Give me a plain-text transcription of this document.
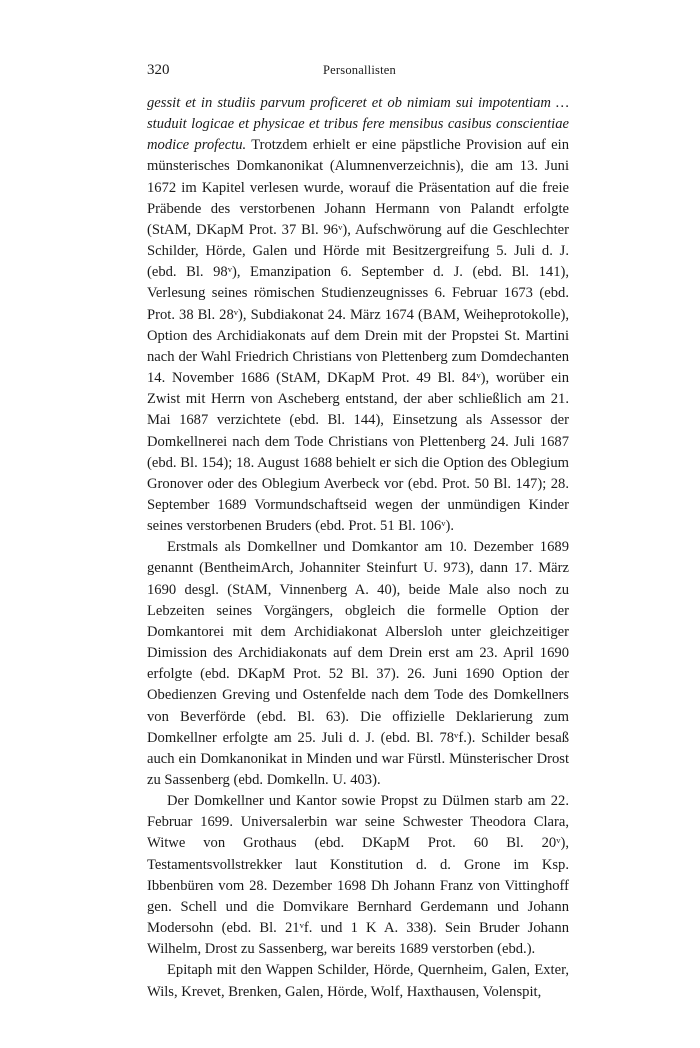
320	Personallisten

gessit et in studiis parvum proficeret et ob nimiam sui impotentiam … studuit logicae et physicae et tribus fere mensibus casibus conscientiae modice profectu. Trotzdem erhielt er eine päpstliche Provision auf ein münsterisches Domkanonikat (Alumnenverzeichnis), die am 13. Juni 1672 im Kapitel verlesen wurde, worauf die Präsentation auf die freie Präbende des verstorbenen Johann Hermann von Palandt erfolgte (StAM, DKapM Prot. 37 Bl. 96ᵛ), Aufschwörung auf die Geschlechter Schilder, Hörde, Galen und Hörde mit Besitzergreifung 5. Juli d. J. (ebd. Bl. 98ᵛ), Emanzipation 6. September d. J. (ebd. Bl. 141), Verlesung seines römischen Studienzeugnisses 6. Februar 1673 (ebd. Prot. 38 Bl. 28ᵛ), Subdiakonat 24. März 1674 (BAM, Weiheprotokolle), Option des Archidiakonats auf dem Drein mit der Propstei St. Martini nach der Wahl Friedrich Christians von Plettenberg zum Domdechanten 14. November 1686 (StAM, DKapM Prot. 49 Bl. 84ᵛ), worüber ein Zwist mit Herrn von Ascheberg entstand, der aber schließlich am 21. Mai 1687 verzichtete (ebd. Bl. 144), Einsetzung als Assessor der Domkellnerei nach dem Tode Christians von Plettenberg 24. Juli 1687 (ebd. Bl. 154); 18. August 1688 behielt er sich die Option des Oblegium Gronover oder des Oblegium Averbeck vor (ebd. Prot. 50 Bl. 147); 28. September 1689 Vormundschaftseid wegen der unmündigen Kinder seines verstorbenen Bruders (ebd. Prot. 51 Bl. 106ᵛ).

Erstmals als Domkellner und Domkantor am 10. Dezember 1689 genannt (BentheimArch, Johanniter Steinfurt U. 973), dann 17. März 1690 desgl. (StAM, Vinnenberg A. 40), beide Male also noch zu Lebzeiten seines Vorgängers, obgleich die formelle Option der Domkantorei mit dem Archidiakonat Albersloh unter gleichzeitiger Dimission des Archidiakonats auf dem Drein erst am 23. April 1690 erfolgte (ebd. DKapM Prot. 52 Bl. 37). 26. Juni 1690 Option der Obedienzen Greving und Ostenfelde nach dem Tode des Domkellners von Beverförde (ebd. Bl. 63). Die offizielle Deklarierung zum Domkellner erfolgte am 25. Juli d. J. (ebd. Bl. 78ᵛf.). Schilder besaß auch ein Domkanonikat in Minden und war Fürstl. Münsterischer Drost zu Sassenberg (ebd. Domkelln. U. 403).

Der Domkellner und Kantor sowie Propst zu Dülmen starb am 22. Februar 1699. Universalerbin war seine Schwester Theodora Clara, Witwe von Grothaus (ebd. DKapM Prot. 60 Bl. 20ᵛ), Testamentsvollstrekker laut Konstitution d. d. Grone im Ksp. Ibbenbüren vom 28. Dezember 1698 Dh Johann Franz von Vittinghoff gen. Schell und die Domvikare Bernhard Gerdemann und Johann Modersohn (ebd. Bl. 21ᵛf. und 1 K A. 338). Sein Bruder Johann Wilhelm, Drost zu Sassenberg, war bereits 1689 verstorben (ebd.).

Epitaph mit den Wappen Schilder, Hörde, Quernheim, Galen, Exter, Wils, Krevet, Brenken, Galen, Hörde, Wolf, Haxthausen, Volenspit,
